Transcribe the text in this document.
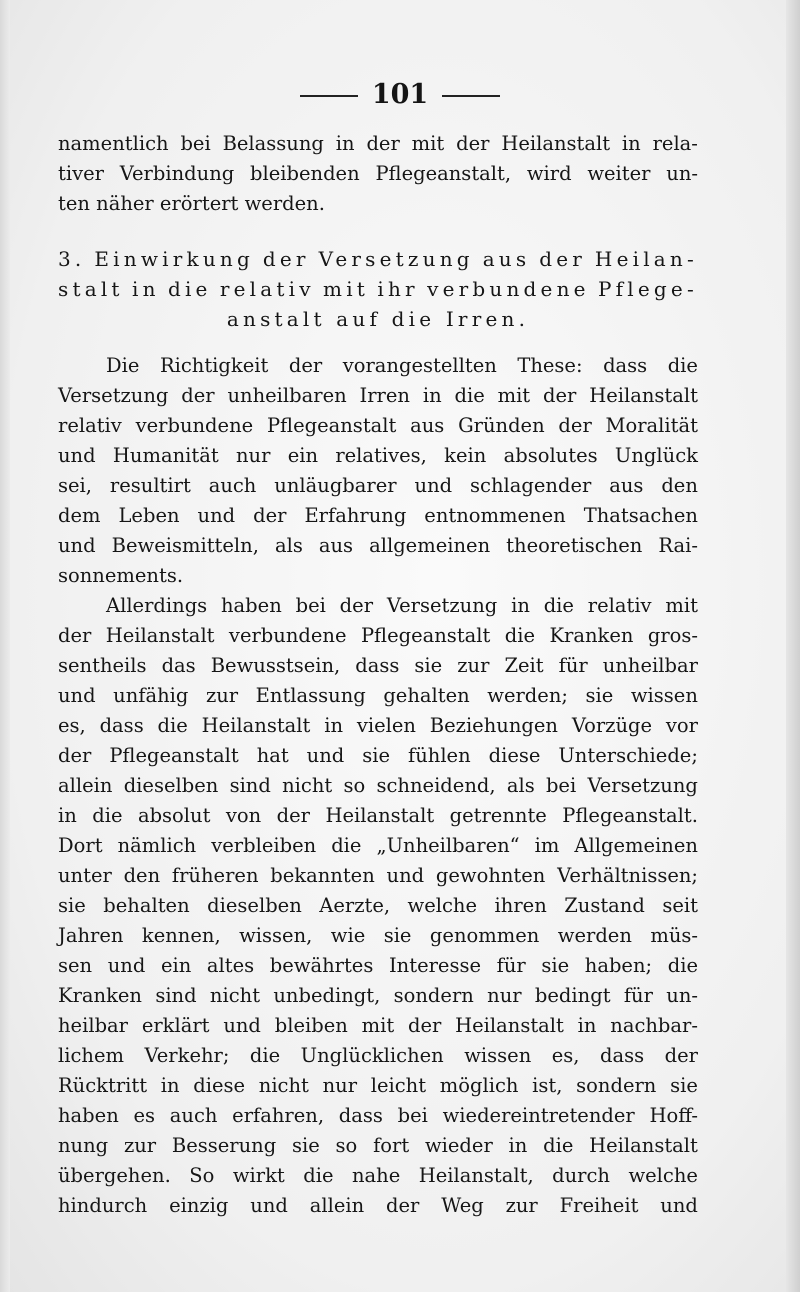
101
namentlich bei Belassung in der mit der Heilanstalt in rela-
tiver Verbindung bleibenden Pflegeanstalt, wird weiter un-
ten näher erörtert werden.
3. Einwirkung der Versetzung aus der Heilan-
stalt in die relativ mit ihr verbundene Pflege-
anstalt auf die Irren.
Die Richtigkeit der vorangestellten These: dass die
Versetzung der unheilbaren Irren in die mit der Heilanstalt
relativ verbundene Pflegeanstalt aus Gründen der Moralität
und Humanität nur ein relatives, kein absolutes Unglück
sei, resultirt auch unläugbarer und schlagender aus den
dem Leben und der Erfahrung entnommenen Thatsachen
und Beweismitteln, als aus allgemeinen theoretischen Rai-
sonnements.
Allerdings haben bei der Versetzung in die relativ mit
der Heilanstalt verbundene Pflegeanstalt die Kranken gros-
sentheils das Bewusstsein, dass sie zur Zeit für unheilbar
und unfähig zur Entlassung gehalten werden; sie wissen
es, dass die Heilanstalt in vielen Beziehungen Vorzüge vor
der Pflegeanstalt hat und sie fühlen diese Unterschiede;
allein dieselben sind nicht so schneidend, als bei Versetzung
in die absolut von der Heilanstalt getrennte Pflegeanstalt.
Dort nämlich verbleiben die „Unheilbaren“ im Allgemeinen
unter den früheren bekannten und gewohnten Verhältnissen;
sie behalten dieselben Aerzte, welche ihren Zustand seit
Jahren kennen, wissen, wie sie genommen werden müs-
sen und ein altes bewährtes Interesse für sie haben; die
Kranken sind nicht unbedingt, sondern nur bedingt für un-
heilbar erklärt und bleiben mit der Heilanstalt in nachbar-
lichem Verkehr; die Unglücklichen wissen es, dass der
Rücktritt in diese nicht nur leicht möglich ist, sondern sie
haben es auch erfahren, dass bei wiedereintretender Hoff-
nung zur Besserung sie so fort wieder in die Heilanstalt
übergehen. So wirkt die nahe Heilanstalt, durch welche
hindurch einzig und allein der Weg zur Freiheit und
